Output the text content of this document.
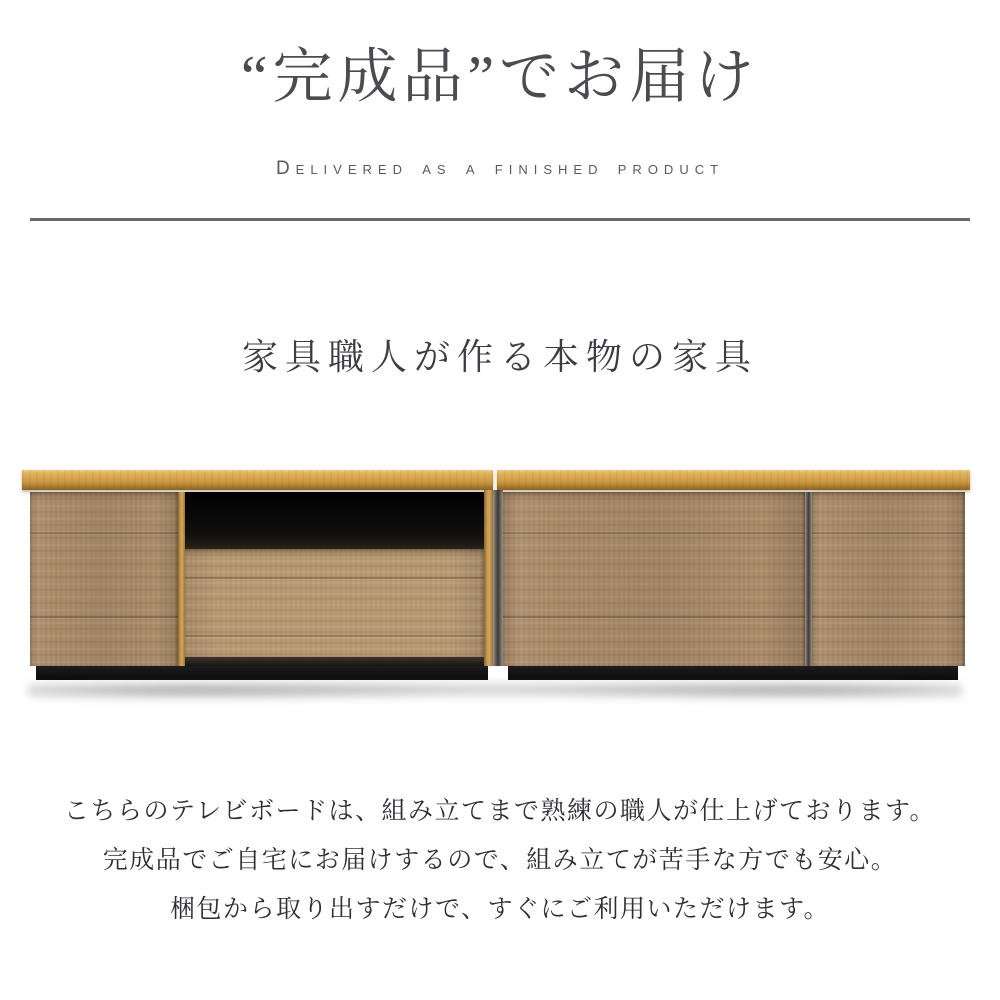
“完成品”でお届け

Delivered as a finished product

家具職人が作る本物の家具

こちらのテレビボードは、組み立てまで熟練の職人が仕上げております。

完成品でご自宅にお届けするので、組み立てが苦手な方でも安心。

梱包から取り出すだけで、すぐにご利用いただけます。
